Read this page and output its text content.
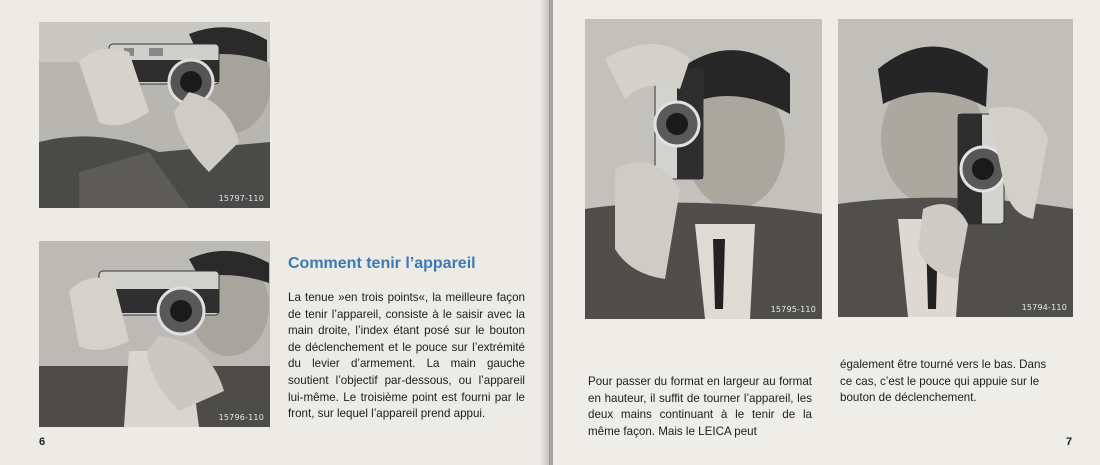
15797-110
15796-110
Comment tenir l’appareil

La tenue »en trois points«, la meilleure façon de tenir l’appareil, consiste à le saisir avec la main droite, l’index étant posé sur le bouton de déclenchement et le pouce sur l’extrémité du levier d’armement. La main gauche soutient l’objectif par-dessous, ou l’appareil lui-même. Le troisième point est fourni par le front, sur lequel l’appareil prend appui.

6
15795-110	15794-110

Pour passer du format en largeur au format en hauteur, il suffit de tourner l’appareil, les deux mains continuant à le tenir de la même façon. Mais le LEICA peut

également être tourné vers le bas. Dans ce cas, c’est le pouce qui appuie sur le bouton de déclenchement.

7
